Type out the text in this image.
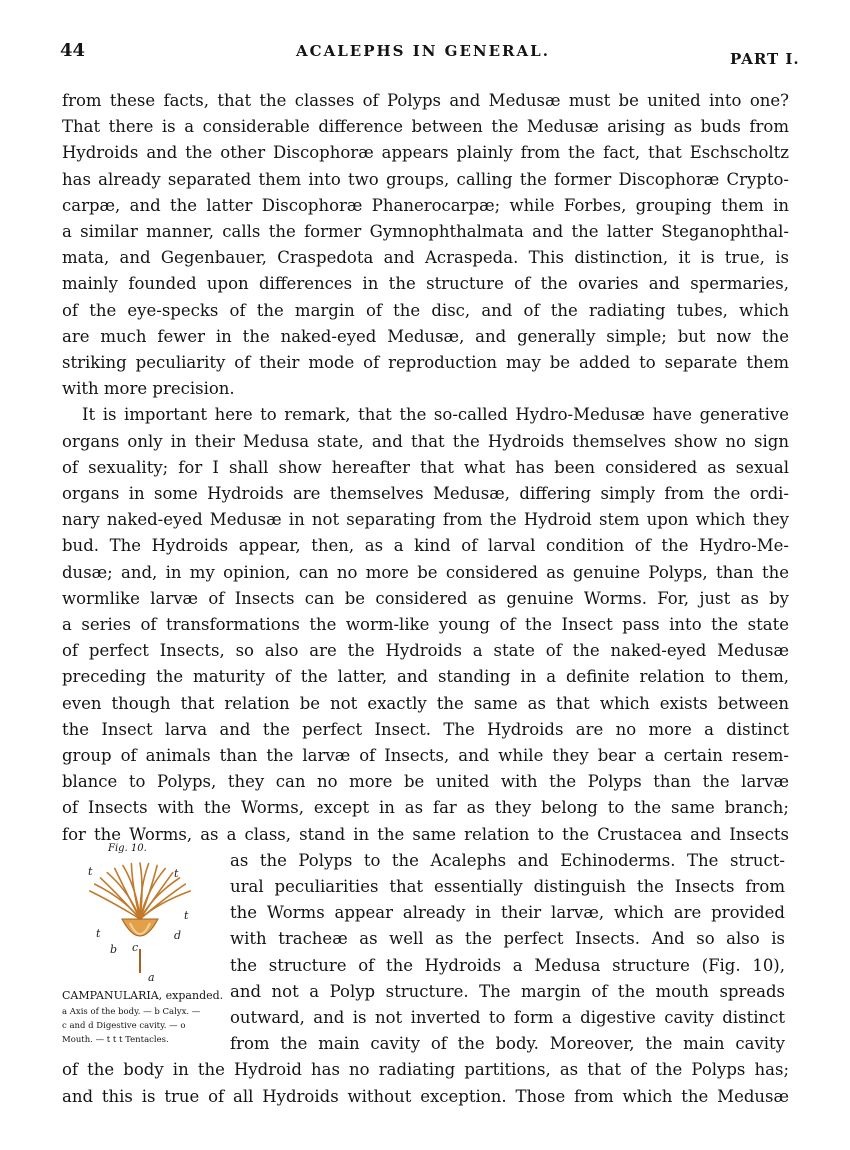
44	ACALEPHS IN GENERAL.	PART I.
from these facts, that the classes of Polyps and Medusæ must be united into one?
That there is a considerable difference between the Medusæ arising as buds from
Hydroids and the other Discophoræ appears plainly from the fact, that Eschscholtz
has already separated them into two groups, calling the former Discophoræ Crypto-
carpæ, and the latter Discophoræ Phanerocarpæ; while Forbes, grouping them in
a similar manner, calls the former Gymnophthalmata and the latter Steganophthal-
mata, and Gegenbauer, Craspedota and Acraspeda. This distinction, it is true, is
mainly founded upon differences in the structure of the ovaries and spermaries,
of the eye-specks of the margin of the disc, and of the radiating tubes, which
are much fewer in the naked-eyed Medusæ, and generally simple; but now the
striking peculiarity of their mode of reproduction may be added to separate them
with more precision.
It is important here to remark, that the so-called Hydro-Medusæ have generative
organs only in their Medusa state, and that the Hydroids themselves show no sign
of sexuality; for I shall show hereafter that what has been considered as sexual
organs in some Hydroids are themselves Medusæ, differing simply from the ordi-
nary naked-eyed Medusæ in not separating from the Hydroid stem upon which they
bud. The Hydroids appear, then, as a kind of larval condition of the Hydro-Me-
dusæ; and, in my opinion, can no more be considered as genuine Polyps, than the
wormlike larvæ of Insects can be considered as genuine Worms. For, just as by
a series of transformations the worm-like young of the Insect pass into the state
of perfect Insects, so also are the Hydroids a state of the naked-eyed Medusæ
preceding the maturity of the latter, and standing in a definite relation to them,
even though that relation be not exactly the same as that which exists between
the Insect larva and the perfect Insect. The Hydroids are no more a distinct
group of animals than the larvæ of Insects, and while they bear a certain resem-
blance to Polyps, they can no more be united with the Polyps than the larvæ
of Insects with the Worms, except in as far as they belong to the same branch;
for the Worms, as a class, stand in the same relation to the Crustacea and Insects
as the Polyps to the Acalephs and Echinoderms. The struct-
ural peculiarities that essentially distinguish the Insects from
the Worms appear already in their larvæ, which are provided
with tracheæ as well as the perfect Insects. And so also is
the structure of the Hydroids a Medusa structure (Fig. 10),
and not a Polyp structure. The margin of the mouth spreads
outward, and is not inverted to form a digestive cavity distinct
from the main cavity of the body. Moreover, the main cavity
of the body in the Hydroid has no radiating partitions, as that of the Polyps has;
and this is true of all Hydroids without exception. Those from which the Medusæ
Fig. 10.
t	t
t
t	d
b c
a
CAMPANULARIA, expanded.
a Axis of the body. — b Calyx. —
c and d Digestive cavity. — o
Mouth. — t t t Tentacles.
